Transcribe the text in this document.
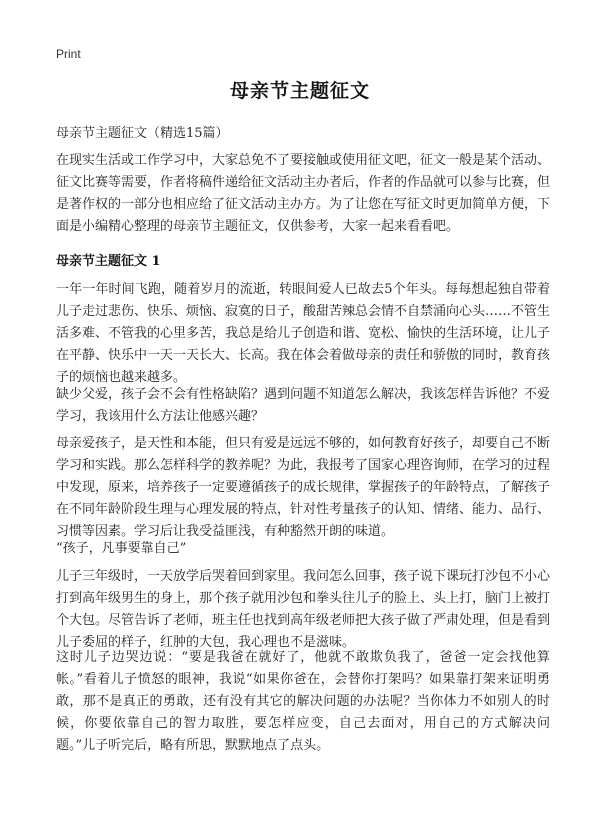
Print
母亲节主题征文
母亲节主题征文（精选15篇）

在现实生活或工作学习中，大家总免不了要接触或使用征文吧，征文一般是某个活动、征文比赛等需要，作者将稿件递给征文活动主办者后，作者的作品就可以参与比赛，但是著作权的一部分也相应给了征文活动主办方。为了让您在写征文时更加简单方便，下面是小编精心整理的母亲节主题征文，仅供参考，大家一起来看看吧。

母亲节主题征文 1

一年一年时间飞跑，随着岁月的流逝，转眼间爱人已故去5个年头。每每想起独自带着儿子走过悲伤、快乐、烦恼、寂寞的日子，酸甜苦辣总会情不自禁涌向心头……不管生活多难、不管我的心里多苦，我总是给儿子创造和谐、宽松、愉快的生活环境，让儿子在平静、快乐中一天一天长大、长高。我在体会着做母亲的责任和骄傲的同时，教育孩子的烦恼也越来越多。

缺少父爱，孩子会不会有性格缺陷？遇到问题不知道怎么解决，我该怎样告诉他？不爱学习，我该用什么方法让他感兴趣？

母亲爱孩子，是天性和本能，但只有爱是远远不够的，如何教育好孩子，却要自己不断学习和实践。那么怎样科学的教养呢？为此，我报考了国家心理咨询师，在学习的过程中发现，原来，培养孩子一定要遵循孩子的成长规律，掌握孩子的年龄特点，了解孩子在不同年龄阶段生理与心理发展的特点，针对性考量孩子的认知、情绪、能力、品行、习惯等因素。学习后让我受益匪浅，有种豁然开朗的味道。

“孩子，凡事要靠自己”

儿子三年级时，一天放学后哭着回到家里。我问怎么回事，孩子说下课玩打沙包不小心打到高年级男生的身上，那个孩子就用沙包和拳头往儿子的脸上、头上打，脑门上被打个大包。尽管告诉了老师，班主任也找到高年级老师把大孩子做了严肃处理，但是看到儿子委屈的样子，红肿的大包，我心理也不是滋味。

这时儿子边哭边说：“要是我爸在就好了，他就不敢欺负我了，爸爸一定会找他算帐。”看着儿子愤怒的眼神，我说“如果你爸在，会替你打架吗？如果靠打架来证明勇敢，那不是真正的勇敢，还有没有其它的解决问题的办法呢？当你体力不如别人的时候，你要依靠自己的智力取胜，要怎样应变，自己去面对，用自己的方式解决问题。”儿子听完后，略有所思，默默地点了点头。
